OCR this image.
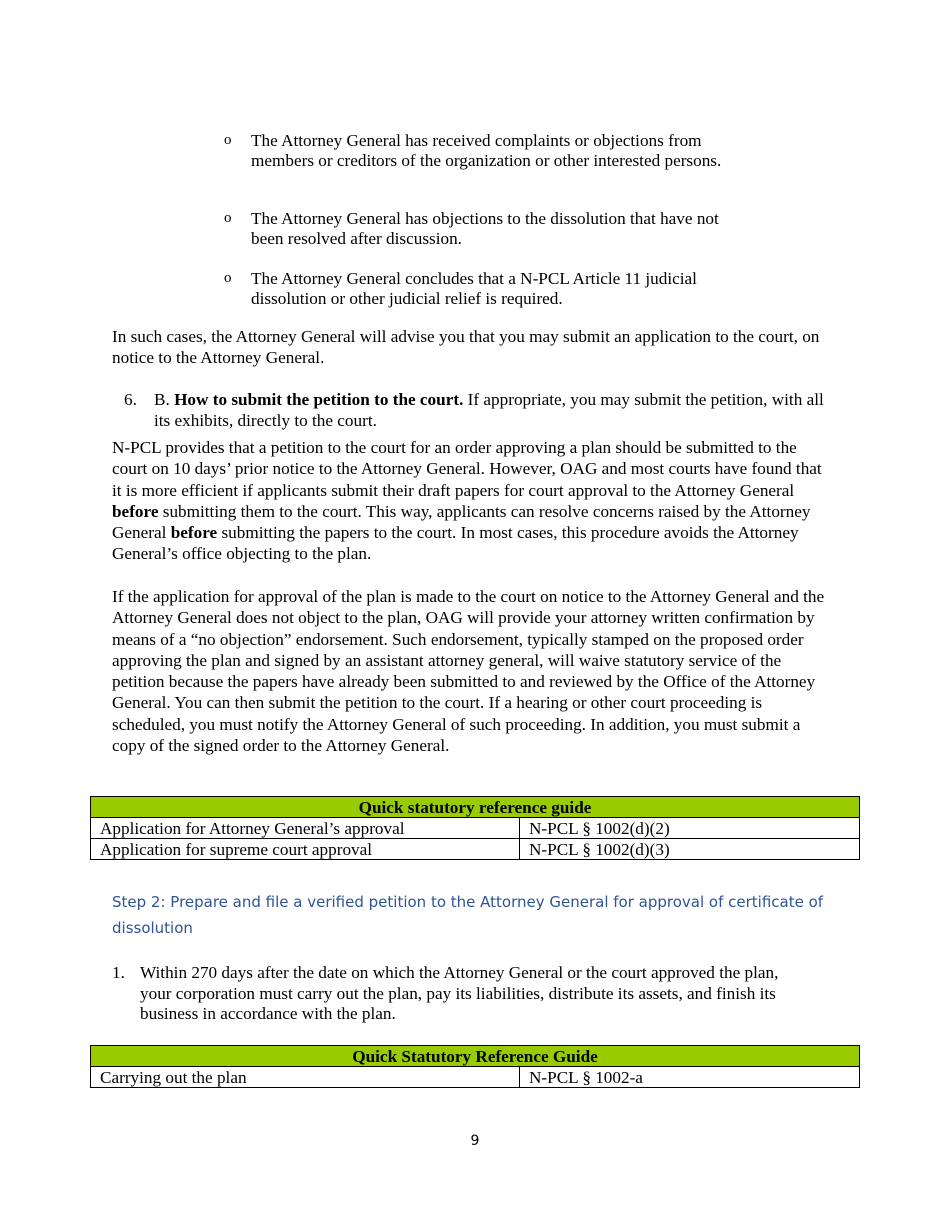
o The Attorney General has received complaints or objections from members or creditors of the organization or other interested persons.
o The Attorney General has objections to the dissolution that have not been resolved after discussion.
o The Attorney General concludes that a N-PCL Article 11 judicial dissolution or other judicial relief is required.

In such cases, the Attorney General will advise you that you may submit an application to the court, on notice to the Attorney General.

6. B. How to submit the petition to the court. If appropriate, you may submit the petition, with all its exhibits, directly to the court.

N-PCL provides that a petition to the court for an order approving a plan should be submitted to the court on 10 days’ prior notice to the Attorney General. However, OAG and most courts have found that it is more efficient if applicants submit their draft papers for court approval to the Attorney General before submitting them to the court. This way, applicants can resolve concerns raised by the Attorney General before submitting the papers to the court. In most cases, this procedure avoids the Attorney General’s office objecting to the plan.

If the application for approval of the plan is made to the court on notice to the Attorney General and the Attorney General does not object to the plan, OAG will provide your attorney written confirmation by means of a “no objection” endorsement. Such endorsement, typically stamped on the proposed order approving the plan and signed by an assistant attorney general, will waive statutory service of the petition because the papers have already been submitted to and reviewed by the Office of the Attorney General. You can then submit the petition to the court. If a hearing or other court proceeding is scheduled, you must notify the Attorney General of such proceeding. In addition, you must submit a copy of the signed order to the Attorney General.

Quick statutory reference guide	
Application for Attorney General’s approval	N-PCL § 1002(d)(2)
Application for supreme court approval	N-PCL § 1002(d)(3)
Step 2: Prepare and file a verified petition to the Attorney General for approval of certificate of dissolution
1. Within 270 days after the date on which the Attorney General or the court approved the plan, your corporation must carry out the plan, pay its liabilities, distribute its assets, and finish its business in accordance with the plan.
Quick Statutory Reference Guide
Carrying out the plan	N-PCL § 1002-a
9
